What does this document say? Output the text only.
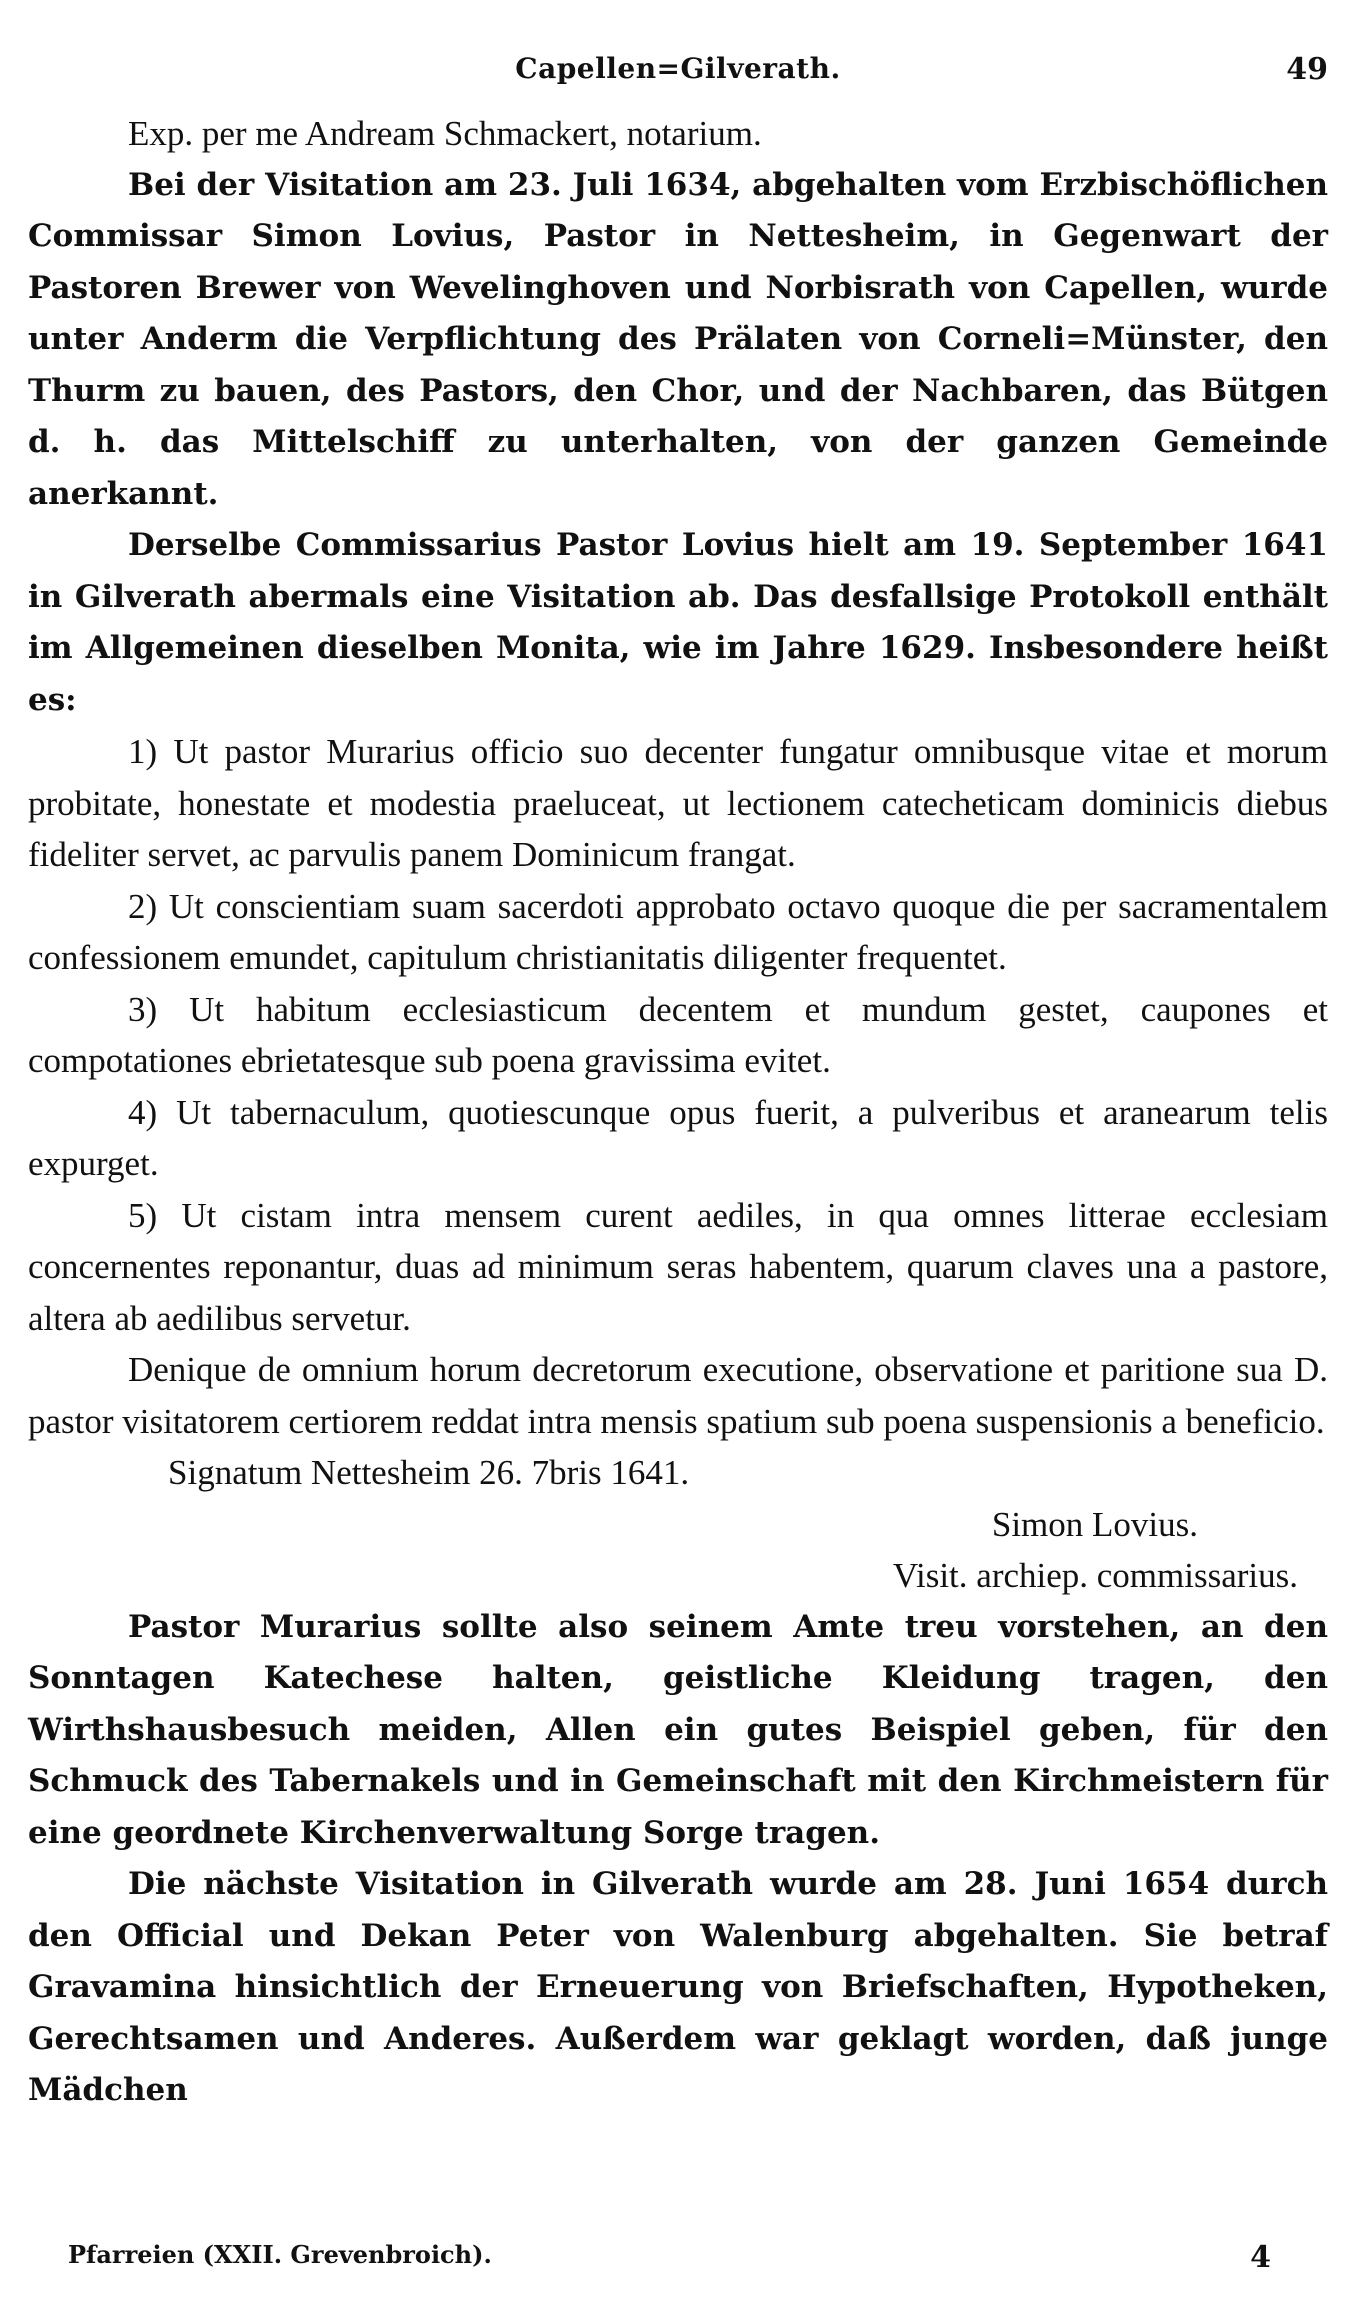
Capellen=Gilverath.	49

Exp. per me Andream Schmackert, notarium.

Bei der Visitation am 23. Juli 1634, abgehalten vom Erzbischöflichen Commissar Simon Lovius, Pastor in Nettesheim, in Gegenwart der Pastoren Brewer von Wevelinghoven und Norbisrath von Capellen, wurde unter Anderm die Verpflichtung des Prälaten von Corneli=Münster, den Thurm zu bauen, des Pastors, den Chor, und der Nachbaren, das Bütgen d. h. das Mittelschiff zu unterhalten, von der ganzen Gemeinde anerkannt.

Derselbe Commissarius Pastor Lovius hielt am 19. September 1641 in Gilverath abermals eine Visitation ab. Das desfallsige Protokoll enthält im Allgemeinen dieselben Monita, wie im Jahre 1629. Insbesondere heißt es:

1) Ut pastor Murarius officio suo decenter fungatur omnibusque vitae et morum probitate, honestate et modestia praeluceat, ut lectionem catecheticam dominicis diebus fideliter servet, ac parvulis panem Dominicum frangat.

2) Ut conscientiam suam sacerdoti approbato octavo quoque die per sacramentalem confessionem emundet, capitulum christianitatis diligenter frequentet.

3) Ut habitum ecclesiasticum decentem et mundum gestet, caupones et compotationes ebrietatesque sub poena gravissima evitet.

4) Ut tabernaculum, quotiescunque opus fuerit, a pulveribus et aranearum telis expurget.

5) Ut cistam intra mensem curent aediles, in qua omnes litterae ecclesiam concernentes reponantur, duas ad minimum seras habentem, quarum claves una a pastore, altera ab aedilibus servetur.

Denique de omnium horum decretorum executione, observatione et paritione sua D. pastor visitatorem certiorem reddat intra mensis spatium sub poena suspensionis a beneficio.

Signatum Nettesheim 26. 7bris 1641.

Simon Lovius.

Visit. archiep. commissarius.

Pastor Murarius sollte also seinem Amte treu vorstehen, an den Sonntagen Katechese halten, geistliche Kleidung tragen, den Wirthshausbesuch meiden, Allen ein gutes Beispiel geben, für den Schmuck des Tabernakels und in Gemeinschaft mit den Kirchmeistern für eine geordnete Kirchenverwaltung Sorge tragen.

Die nächste Visitation in Gilverath wurde am 28. Juni 1654 durch den Official und Dekan Peter von Walenburg abgehalten. Sie betraf Gravamina hinsichtlich der Erneuerung von Briefschaften, Hypotheken, Gerechtsamen und Anderes. Außerdem war geklagt worden, daß junge Mädchen

Pfarreien (XXII. Grevenbroich).	4
